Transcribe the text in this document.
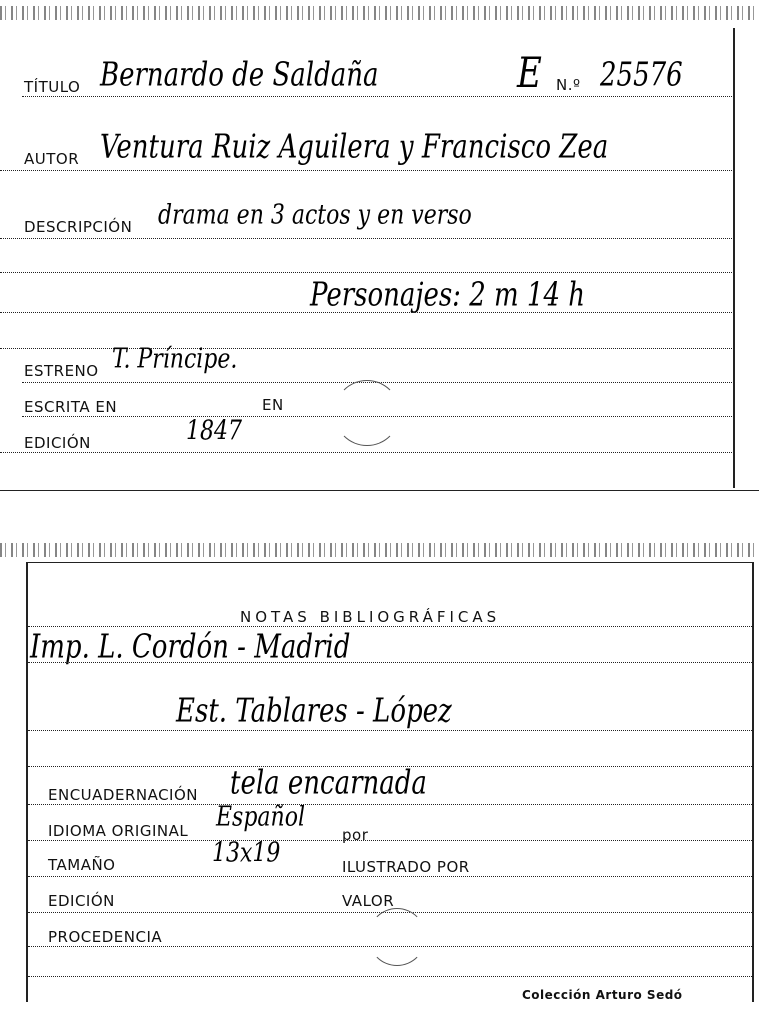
TÍTULO Bernardo de Saldaña	E N.º 25576
AUTOR Ventura Ruiz Aguilera y Francisco Zea
DESCRIPCIÓN drama en 3 actos y en verso
Personajes: 2 m 14 h
ESTRENO T. Príncipe.
ESCRITA EN	EN
EDICIÓN	1847
NOTAS BIBLIOGRÁFICAS
Imp. L. Cordón - Madrid
Est. Tablares - López
ENCUADERNACIÓN tela encarnada
IDIOMA ORIGINAL Español
por
TAMAÑO	13x19	ILUSTRADO POR
EDICIÓN	VALOR
PROCEDENCIA
Colección Arturo Sedó
